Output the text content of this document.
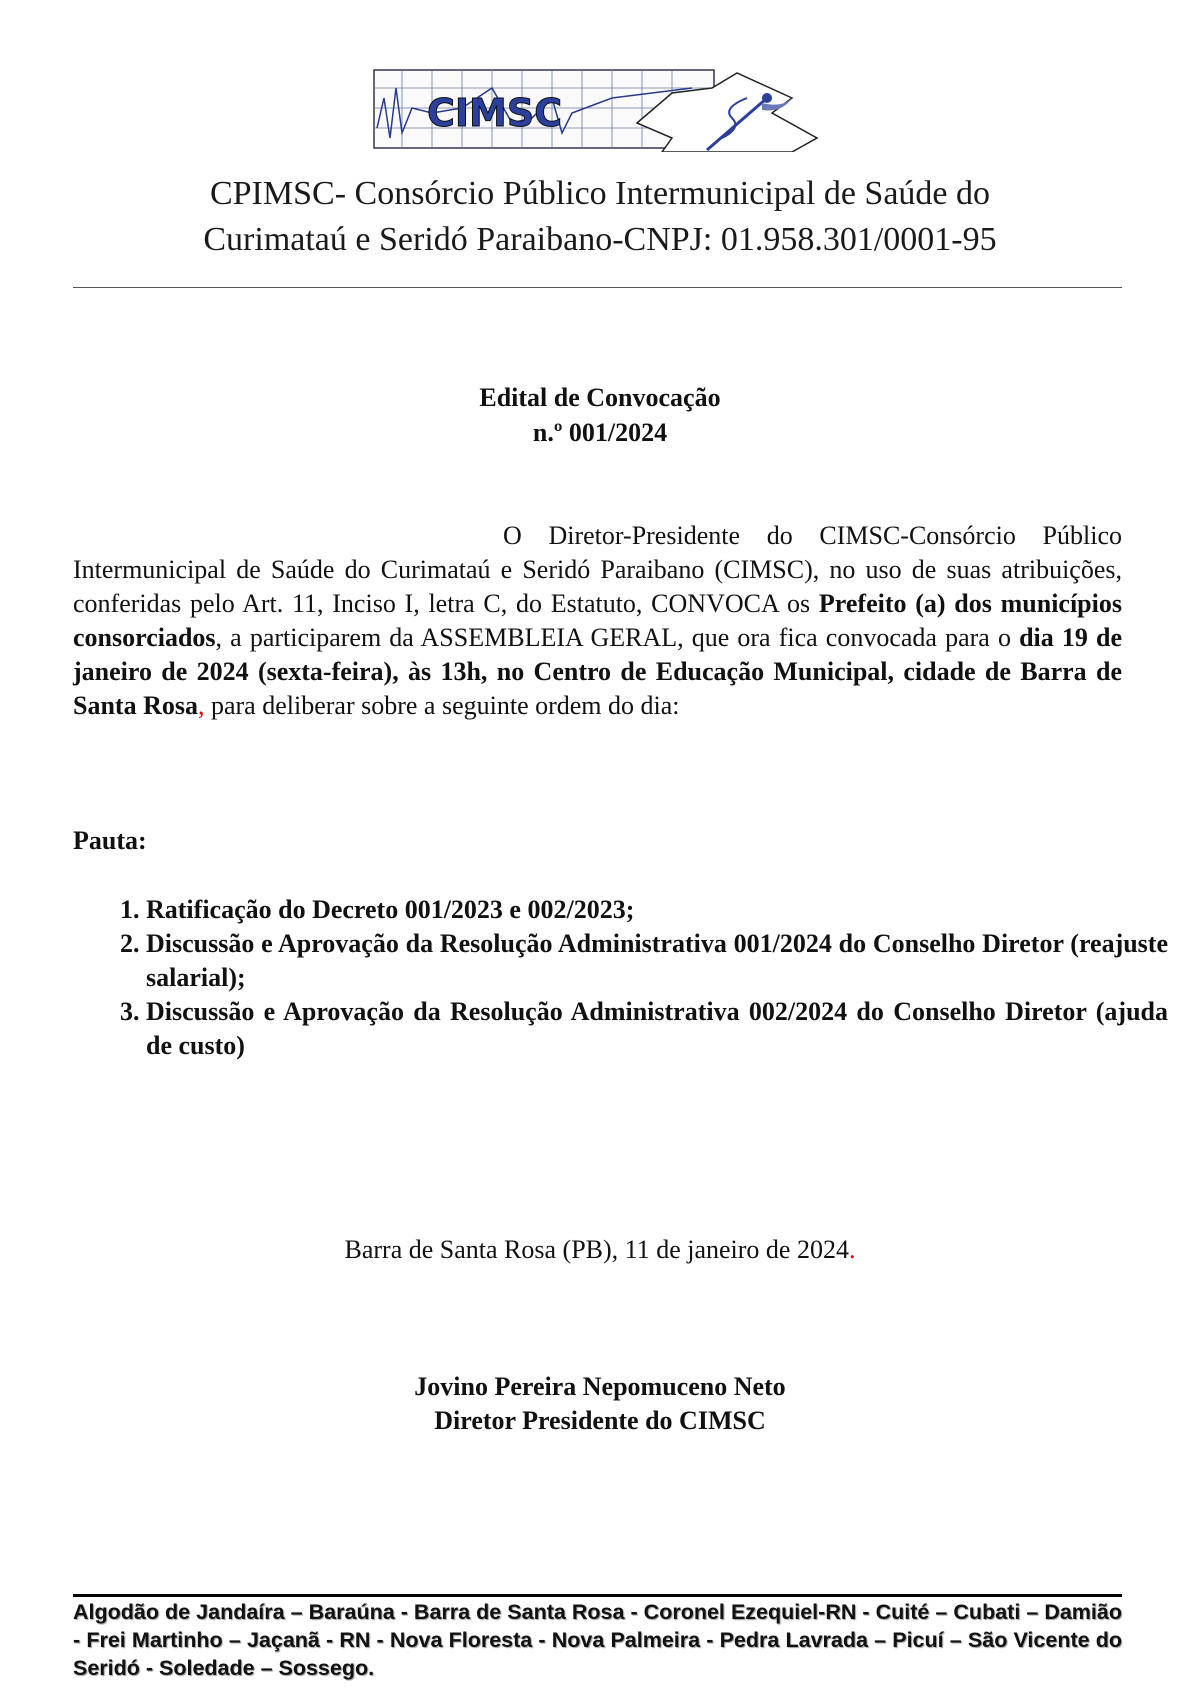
CIMSC
CPIMSC- Consórcio Público Intermunicipal de Saúde do
Curimataú e Seridó Paraibano-CNPJ: 01.958.301/0001-95
Edital de Convocação
n.º 001/2024

O Diretor-Presidente do CIMSC-Consórcio Público Intermunicipal de Saúde do Curimataú e Seridó Paraibano (CIMSC), no uso de suas atribuições, conferidas pelo Art. 11, Inciso I, letra C, do Estatuto, CONVOCA os Prefeito (a) dos municípios consorciados, a participarem da ASSEMBLEIA GERAL, que ora fica convocada para o dia 19 de janeiro de 2024 (sexta-feira), às 13h, no Centro de Educação Municipal, cidade de Barra de Santa Rosa, para deliberar sobre a seguinte ordem do dia:

Pauta:
1. Ratificação do Decreto 001/2023 e 002/2023;
2. Discussão e Aprovação da Resolução Administrativa 001/2024 do Conselho Diretor (reajuste salarial);
3. Discussão e Aprovação da Resolução Administrativa 002/2024 do Conselho Diretor (ajuda de custo)
Barra de Santa Rosa (PB), 11 de janeiro de 2024.
Jovino Pereira Nepomuceno Neto
Diretor Presidente do CIMSC
Algodão de Jandaíra – Baraúna - Barra de Santa Rosa - Coronel Ezequiel-RN - Cuité – Cubati – Damião - Frei Martinho – Jaçanã - RN - Nova Floresta - Nova Palmeira - Pedra Lavrada – Picuí – São Vicente do Seridó - Soledade – Sossego.
